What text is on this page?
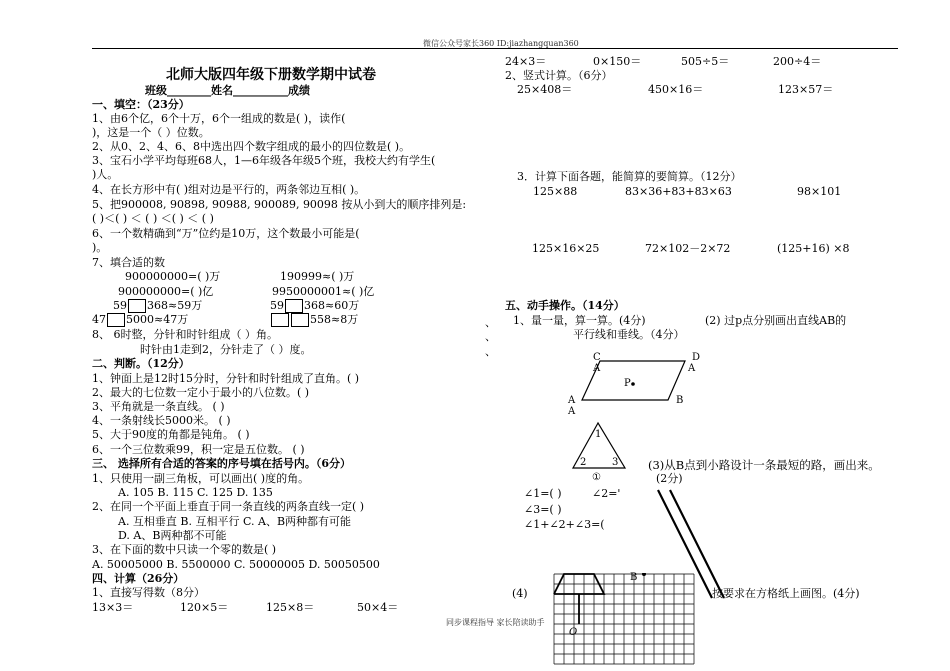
微信公众号家长360 ID:jiazhangquan360
北师大版四年级下册数学期中试卷
班级________姓名__________成绩
一、填空：（23分）
1、由6个亿，6个十万，6个一组成的数是( )，读作(
)，这是一个（ ）位数。
2、从0、2、4、6、8中选出四个数字组成的最小的四位数是( )。
3、宝石小学平均每班68人，1—6年级各年级5个班，我校大约有学生(
)人。
4、在长方形中有( )组对边是平行的，两条邻边互相( )。
5、把900008, 90898, 90988, 900089, 90098 按从小到大的顺序排列是:
( )＜( ) ＜ ( ) ＜( ) ＜ ( )
6、一个数精确到“万”位约是10万，这个数最小可能是(
)。
7、填合适的数
900000000=( )万	190999≈( )万
900000000=( )亿	9950000001≈( )亿
59 368≈59万	59 368≈60万
47 5000≈47万	558≈8万
8、 6时整，分针和时针组成（ ）角。
时针由1走到2，分针走了（ ）度。
二、判断。（12分）
1、钟面上是12时15分时，分针和时针组成了直角。( )
2、最大的七位数一定小于最小的八位数。( )
3、平角就是一条直线。 ( )
4、一条射线长5000米。 ( )
5、大于90度的角都是钝角。 ( )
6、一个三位数乘99，积一定是五位数。 ( )
三、 选择所有合适的答案的序号填在括号内。（6分）
1、只使用一副三角板，可以画出( )度的角。
A. 105 B. 115 C. 125 D. 135
2、在同一个平面上垂直于同一条直线的两条直线一定( )
A. 互相垂直 B. 互相平行 C. A、B两种都有可能
D. A、B两种都不可能
3、在下面的数中只读一个零的数是( )
A. 50005000 B. 5500000 C. 50000005 D. 50050500
四、计算（26分）
1、直接写得数（8分）
13×3＝	120×5＝	125×8＝	50×4＝
24×3＝	0×150＝	505÷5＝	200÷4＝
2、竖式计算。（6分）
25×408＝	450×16＝	123×57＝
3．计算下面各题，能简算的要简算。（12分）
125×88	83×36+83+83×63	98×101
125×16×25	72×102－2×72	(125+16) ×8
五、动手操作。（14分）
、
、
、
1、量一量，算一算。(4分)	(2) 过p点分别画出直线AB的
平行线和垂线。（4分）
C
A
D
A
P
A
A
B
1
2	3
①
∠1=( )	∠2='
∠3=( )
∠1+∠2+∠3=(
(3)从B点到小路设计一条最短的路，画出来。
(2分)
(4)	按要求在方格纸上画图。(4分)
B
O
同步课程指导 家长陪读助手
